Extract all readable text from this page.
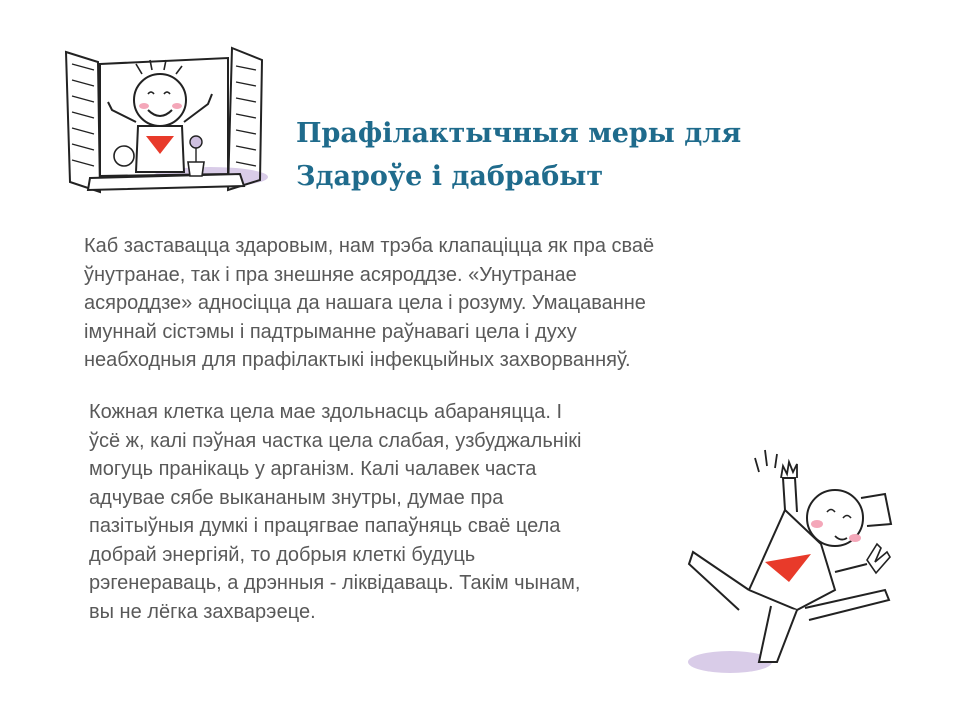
Прафілактычныя меры для
Здароўе і дабрабыт
Каб заставацца здаровым, нам трэба клапаціцца як пра сваё
ўнутранае, так і пра знешняе асяроддзе. «Унутранае
асяроддзе» адносіцца да нашага цела і розуму. Умацаванне
імуннай сістэмы і падтрыманне раўнавагі цела і духу
неабходныя для прафілактыкі інфекцыйных захворванняў.
Кожная клетка цела мае здольнасць абараняцца. І
ўсё ж, калі пэўная частка цела слабая, узбуджальнікі
могуць пранікаць у арганізм. Калі чалавек часта
адчувае сябе выкананым знутры, думае пра
пазітыўныя думкі і працягвае папаўняць сваё цела
добрай энергіяй, то добрыя клеткі будуць
рэгенераваць, а дрэнныя - ліквідаваць. Такім чынам,
вы не лёгка захварэеце.
